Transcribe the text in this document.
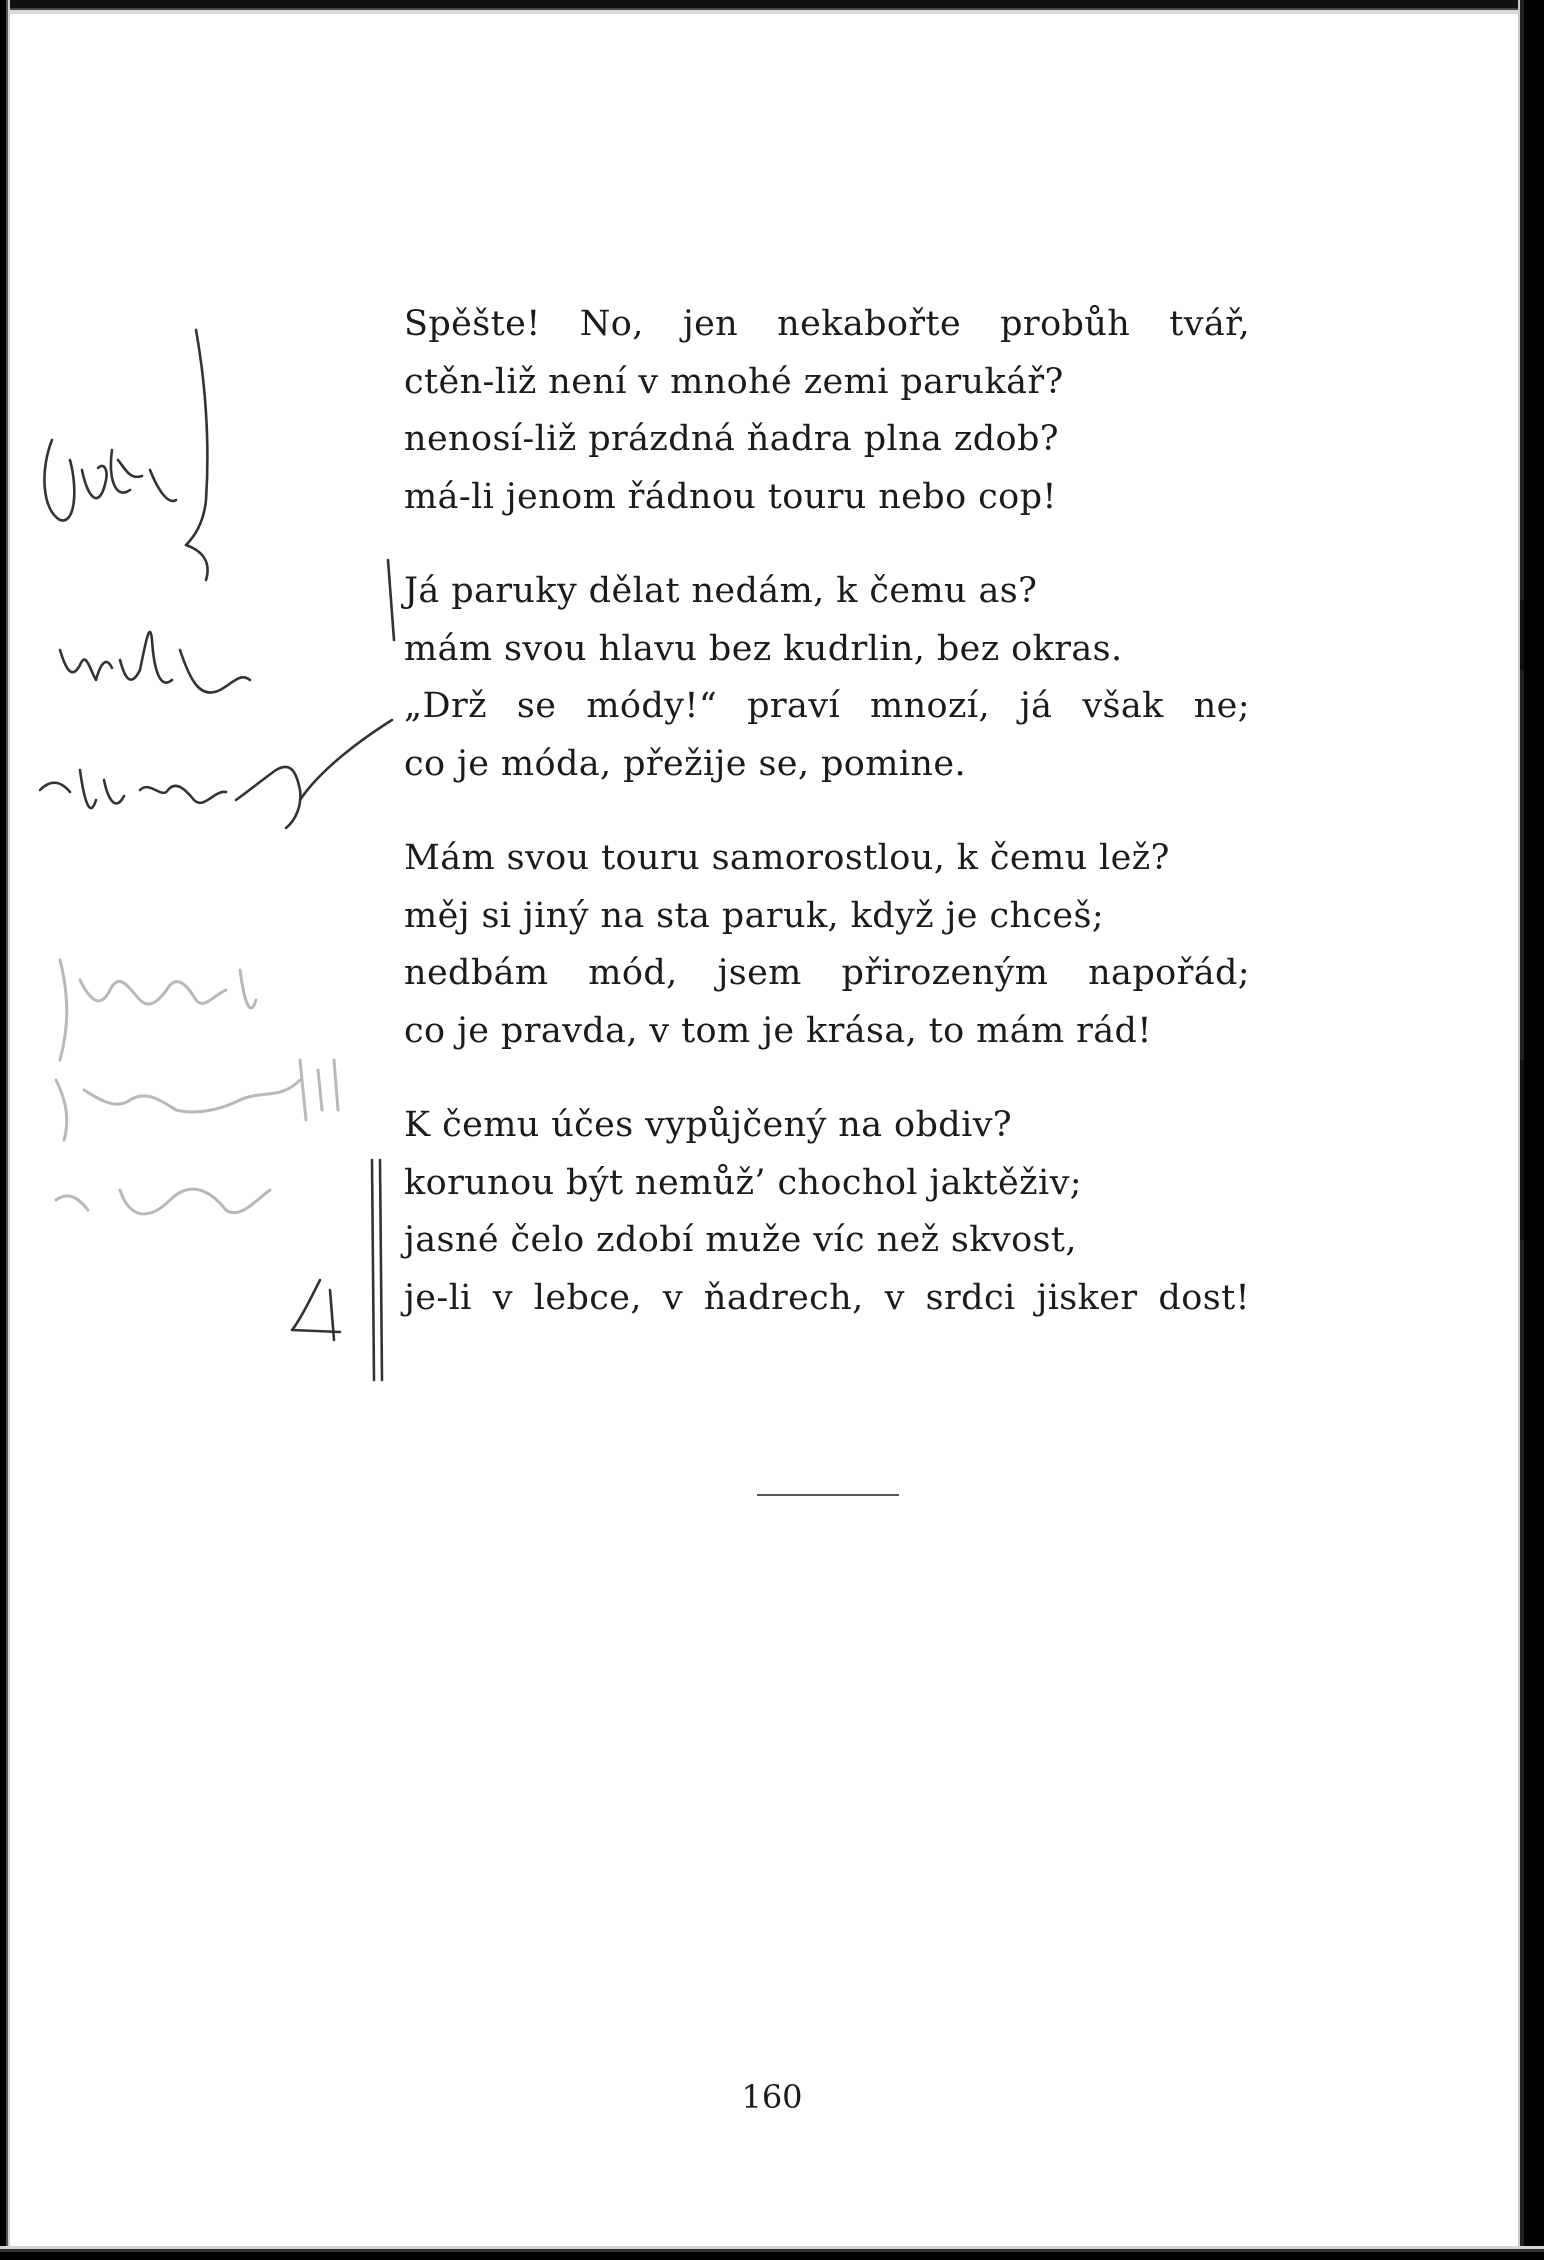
Spěšte! No, jen nekabořte probůh tvář,
ctěn-liž není v mnohé zemi parukář?
nenosí-liž prázdná ňadra plna zdob?
má-li jenom řádnou touru nebo cop!
Já paruky dělat nedám, k čemu as?
mám svou hlavu bez kudrlin, bez okras.
„Drž se módy!“ praví mnozí, já však ne;
co je móda, přežije se, pomine.
Mám svou touru samorostlou, k čemu lež?
měj si jiný na sta paruk, když je chceš;
nedbám mód, jsem přirozeným napořád;
co je pravda, v tom je krása, to mám rád!
K čemu účes vypůjčený na obdiv?
korunou být nemůž’ chochol jaktěživ;
jasné čelo zdobí muže víc než skvost,
je-li v lebce, v ňadrech, v srdci jisker dost!
160
